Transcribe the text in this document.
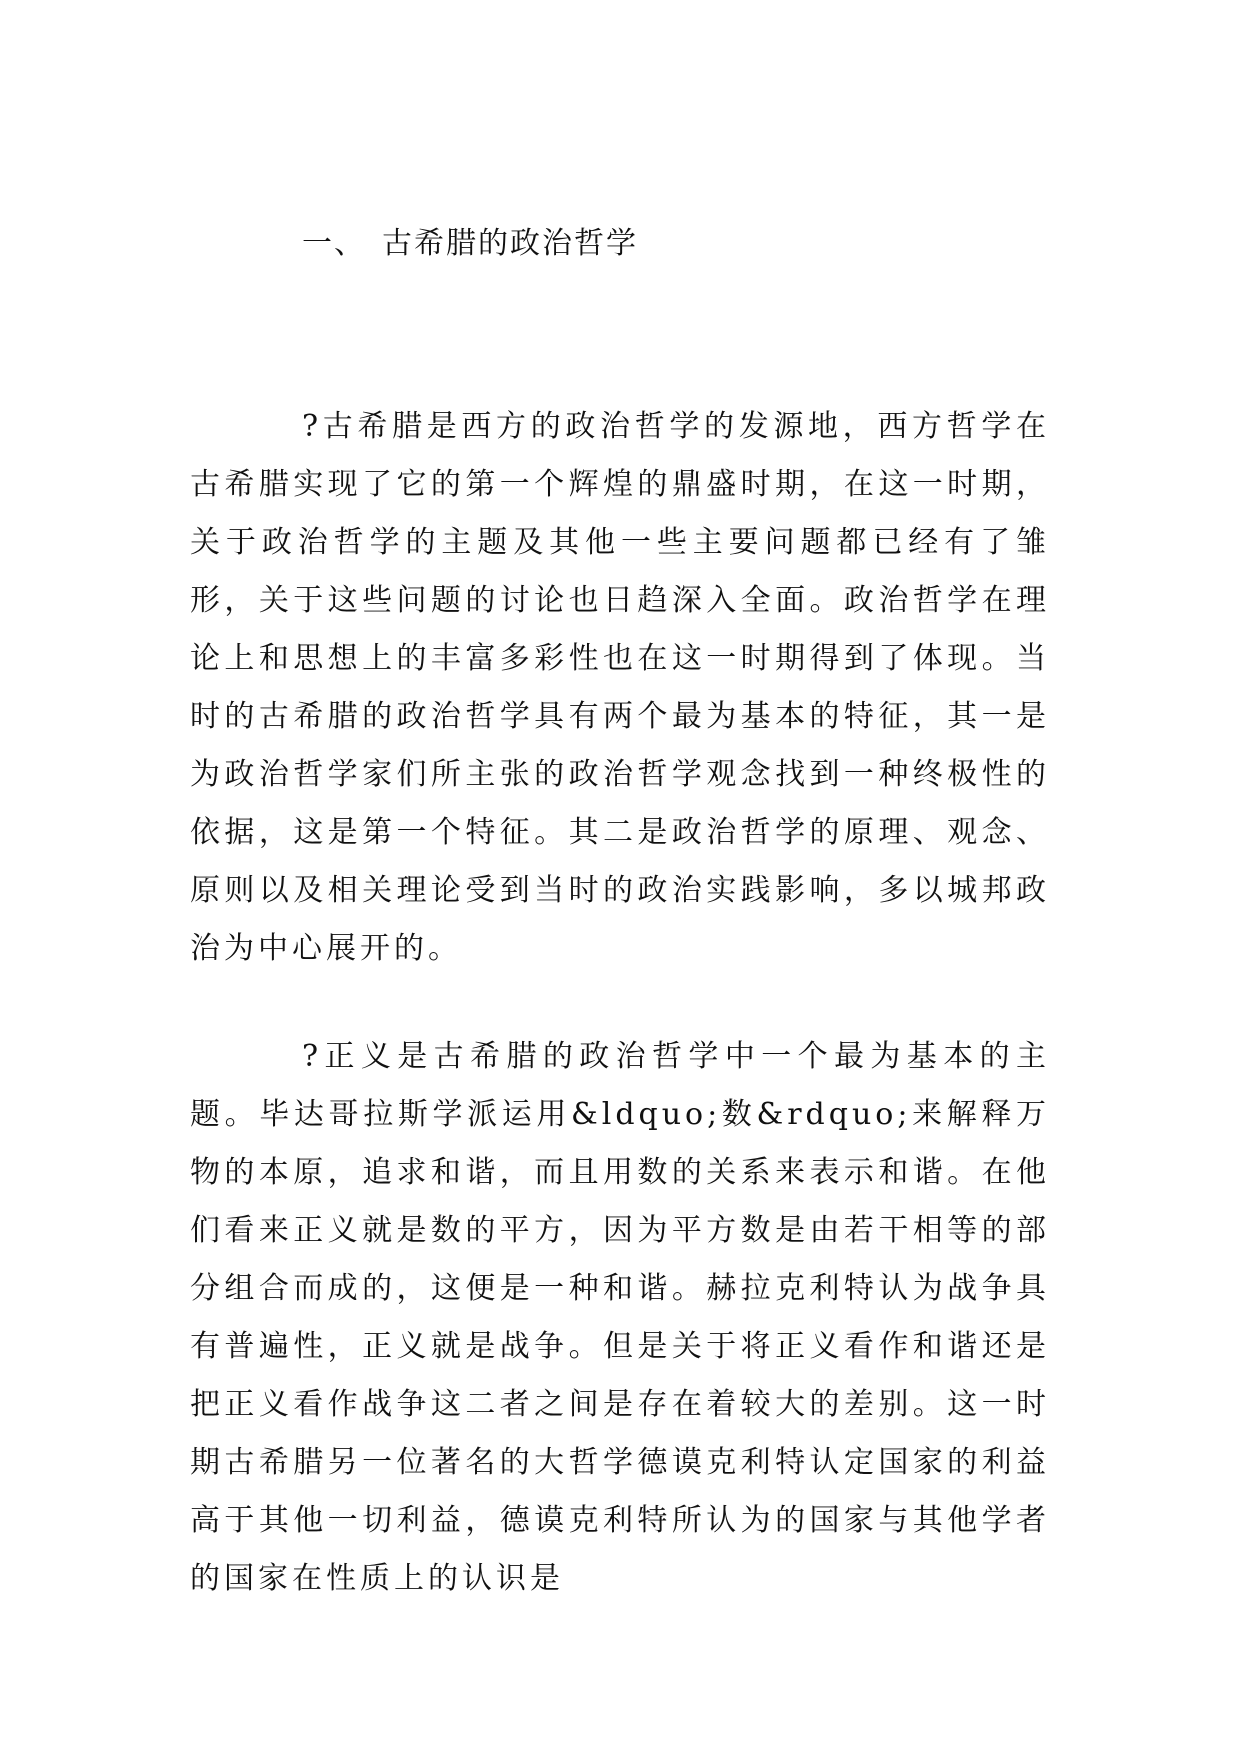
一、 古希腊的政治哲学

?古希腊是西方的政治哲学的发源地，西方哲学在古希腊实现了它的第一个辉煌的鼎盛时期，在这一时期，关于政治哲学的主题及其他一些主要问题都已经有了雏形，关于这些问题的讨论也日趋深入全面。政治哲学在理论上和思想上的丰富多彩性也在这一时期得到了体现。当时的古希腊的政治哲学具有两个最为基本的特征，其一是为政治哲学家们所主张的政治哲学观念找到一种终极性的依据，这是第一个特征。其二是政治哲学的原理、观念、原则以及相关理论受到当时的政治实践影响，多以城邦政治为中心展开的。

?正义是古希腊的政治哲学中一个最为基本的主题。毕达哥拉斯学派运用&ldquo;数&rdquo;来解释万物的本原，追求和谐，而且用数的关系来表示和谐。在他们看来正义就是数的平方，因为平方数是由若干相等的部分组合而成的，这便是一种和谐。赫拉克利特认为战争具有普遍性，正义就是战争。但是关于将正义看作和谐还是把正义看作战争这二者之间是存在着较大的差别。这一时期古希腊另一位著名的大哲学德谟克利特认定国家的利益高于其他一切利益，德谟克利特所认为的国家与其他学者的国家在性质上的认识是
